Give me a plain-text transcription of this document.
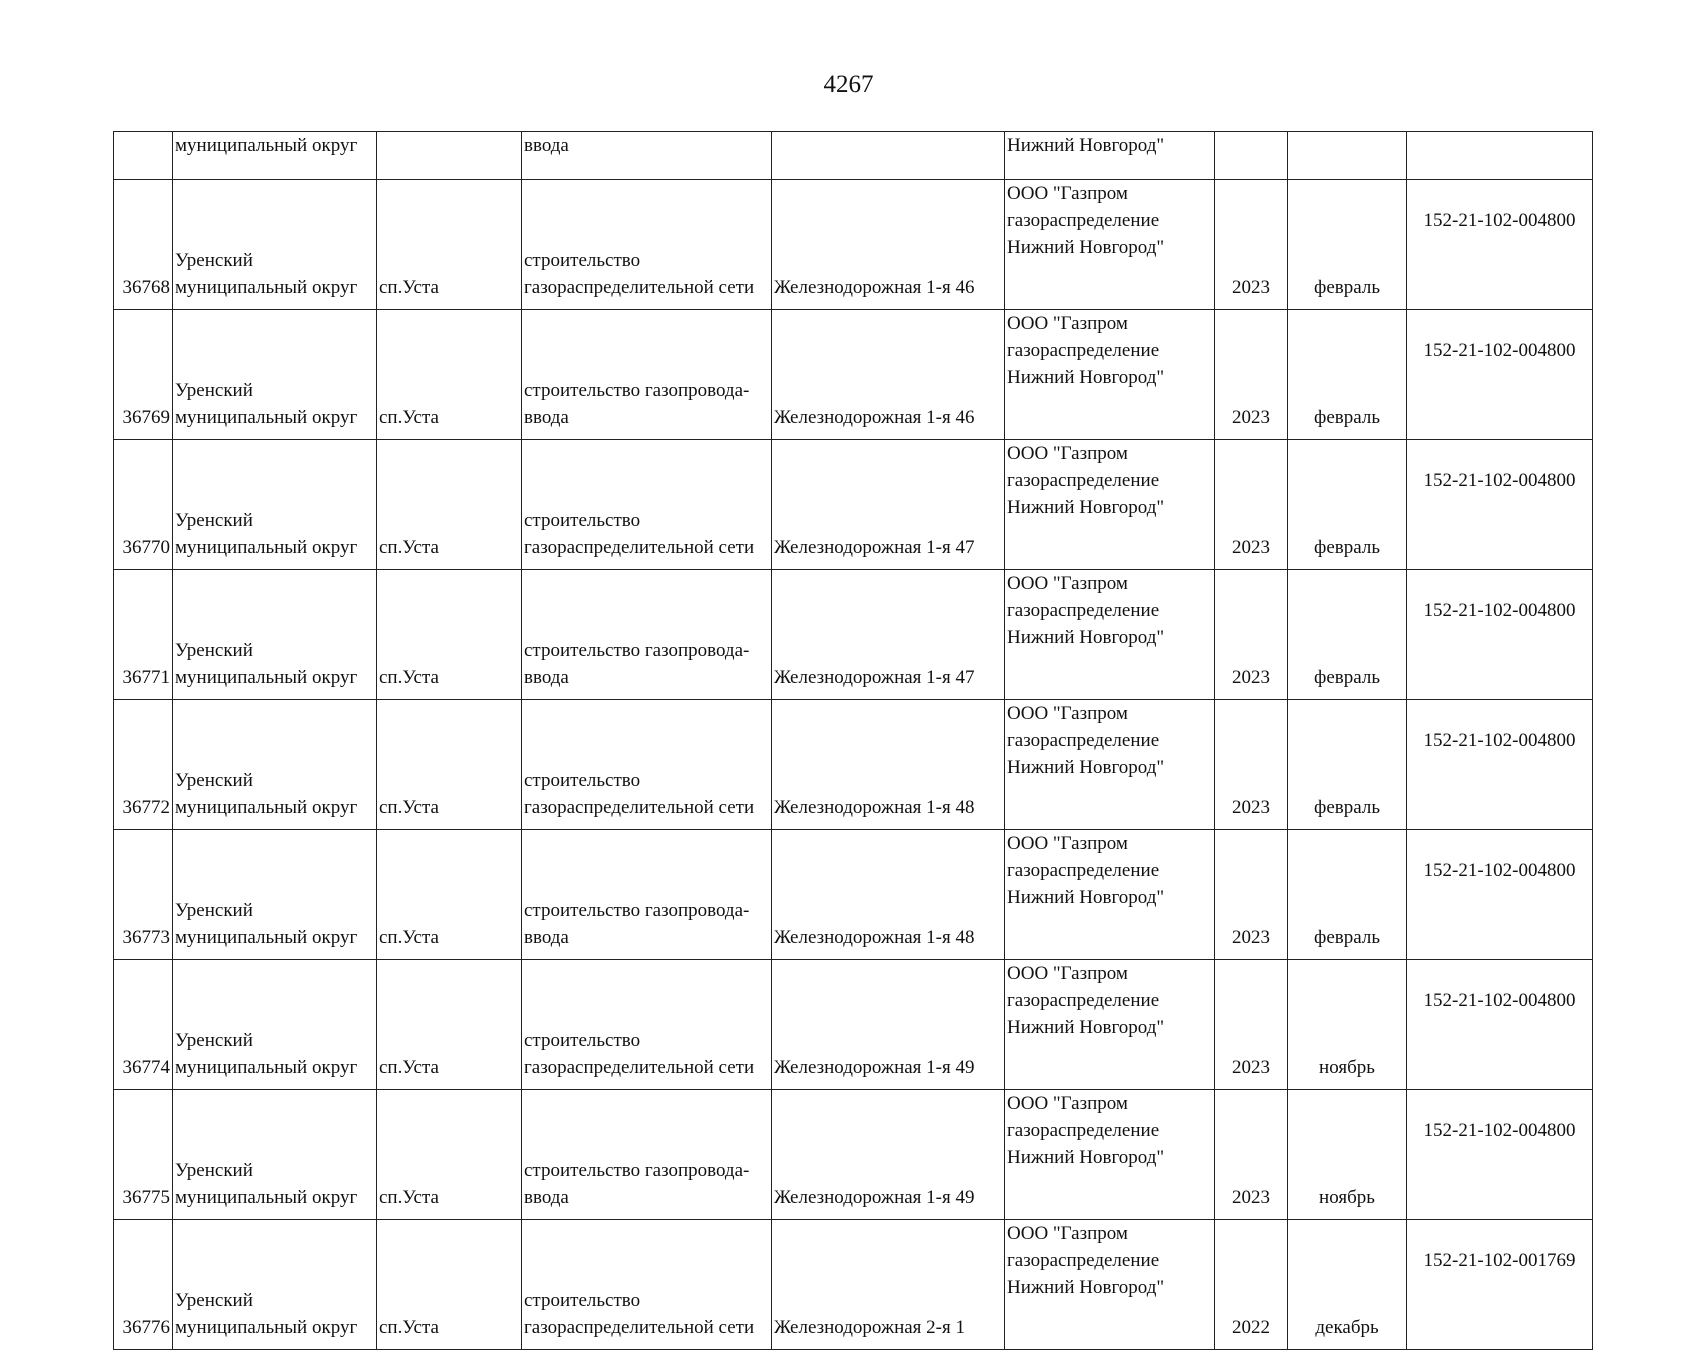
4267
	муниципальный округ		ввода		Нижний Новгород"			
36768	Уренский
муниципальный округ	сп.Уста	строительство
газораспределительной сети	Железнодорожная 1-я 46	ООО "Газпром
газораспределение
Нижний Новгород"	2023	февраль	152-21-102-004800
36769	Уренский
муниципальный округ	сп.Уста	строительство газопровода-
ввода	Железнодорожная 1-я 46	ООО "Газпром
газораспределение
Нижний Новгород"	2023	февраль	152-21-102-004800
36770	Уренский
муниципальный округ	сп.Уста	строительство
газораспределительной сети	Железнодорожная 1-я 47	ООО "Газпром
газораспределение
Нижний Новгород"	2023	февраль	152-21-102-004800
36771	Уренский
муниципальный округ	сп.Уста	строительство газопровода-
ввода	Железнодорожная 1-я 47	ООО "Газпром
газораспределение
Нижний Новгород"	2023	февраль	152-21-102-004800
36772	Уренский
муниципальный округ	сп.Уста	строительство
газораспределительной сети	Железнодорожная 1-я 48	ООО "Газпром
газораспределение
Нижний Новгород"	2023	февраль	152-21-102-004800
36773	Уренский
муниципальный округ	сп.Уста	строительство газопровода-
ввода	Железнодорожная 1-я 48	ООО "Газпром
газораспределение
Нижний Новгород"	2023	февраль	152-21-102-004800
36774	Уренский
муниципальный округ	сп.Уста	строительство
газораспределительной сети	Железнодорожная 1-я 49	ООО "Газпром
газораспределение
Нижний Новгород"	2023	ноябрь	152-21-102-004800
36775	Уренский
муниципальный округ	сп.Уста	строительство газопровода-
ввода	Железнодорожная 1-я 49	ООО "Газпром
газораспределение
Нижний Новгород"	2023	ноябрь	152-21-102-004800
36776	Уренский
муниципальный округ	сп.Уста	строительство
газораспределительной сети	Железнодорожная 2-я 1	ООО "Газпром
газораспределение
Нижний Новгород"	2022	декабрь	152-21-102-001769
